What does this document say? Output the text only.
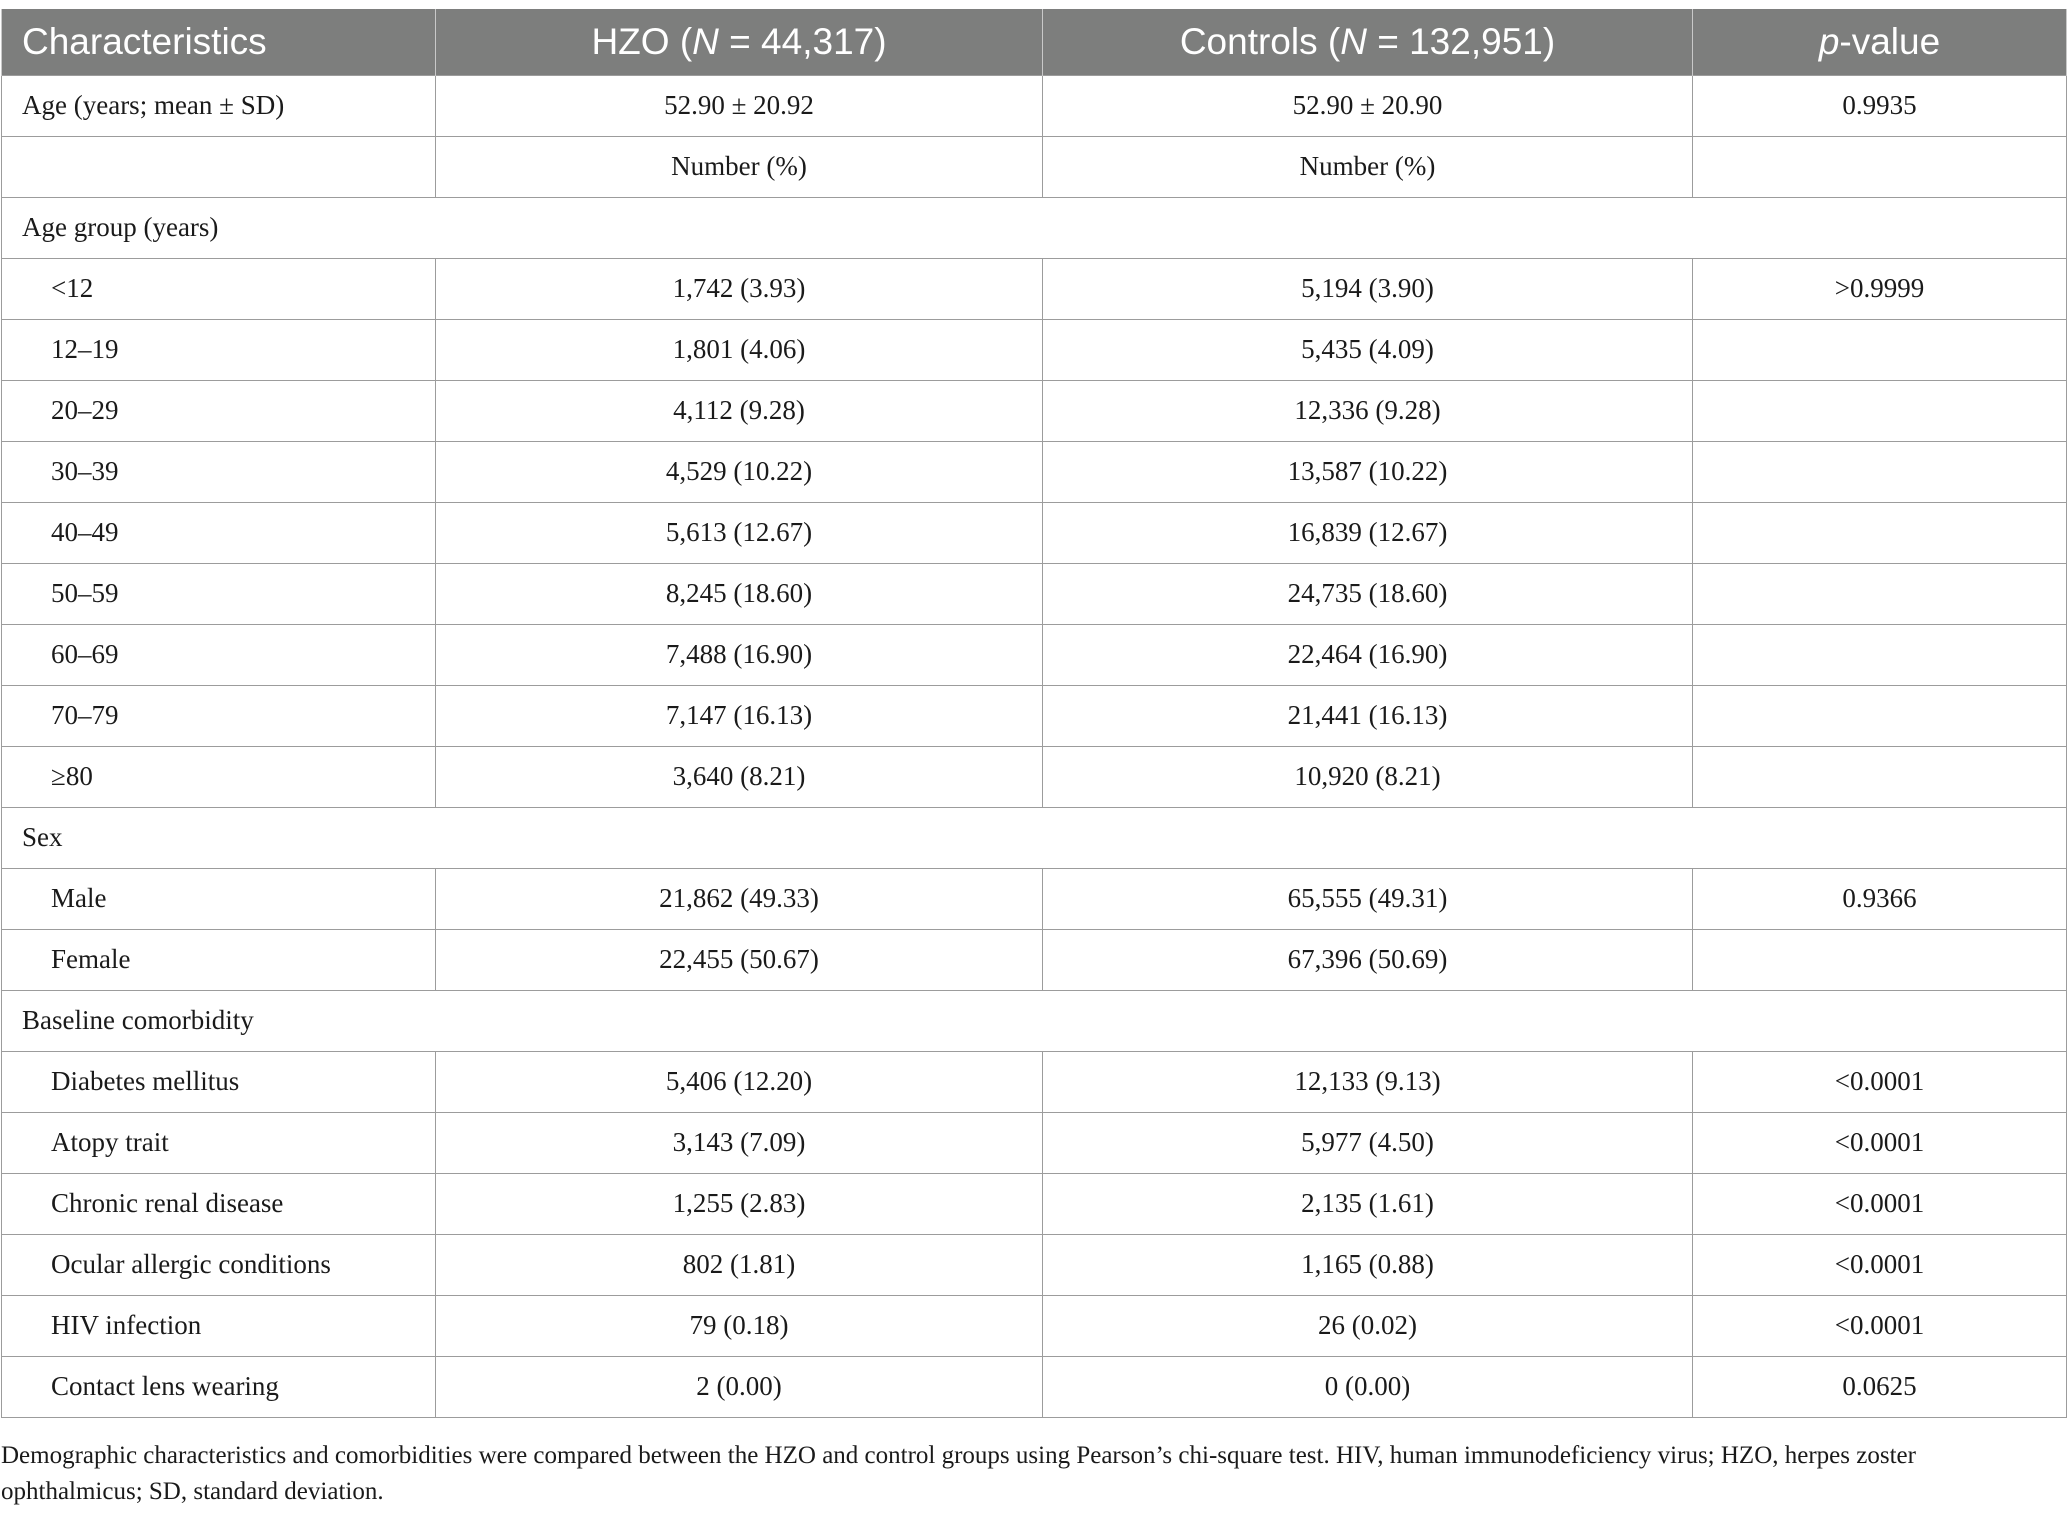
Characteristics	HZO (N = 44,317)	Controls (N = 132,951)	p-value
Age (years; mean ± SD)	52.90 ± 20.92	52.90 ± 20.90	0.9935
	Number (%)	Number (%)	
Age group (years)			
<12	1,742 (3.93)	5,194 (3.90)	>0.9999
12–19	1,801 (4.06)	5,435 (4.09)	
20–29	4,112 (9.28)	12,336 (9.28)	
30–39	4,529 (10.22)	13,587 (10.22)	
40–49	5,613 (12.67)	16,839 (12.67)	
50–59	8,245 (18.60)	24,735 (18.60)	
60–69	7,488 (16.90)	22,464 (16.90)	
70–79	7,147 (16.13)	21,441 (16.13)	
≥80	3,640 (8.21)	10,920 (8.21)	
Sex			
Male	21,862 (49.33)	65,555 (49.31)	0.9366
Female	22,455 (50.67)	67,396 (50.69)	
Baseline comorbidity			
Diabetes mellitus	5,406 (12.20)	12,133 (9.13)	<0.0001
Atopy trait	3,143 (7.09)	5,977 (4.50)	<0.0001
Chronic renal disease	1,255 (2.83)	2,135 (1.61)	<0.0001
Ocular allergic conditions	802 (1.81)	1,165 (0.88)	<0.0001
HIV infection	79 (0.18)	26 (0.02)	<0.0001
Contact lens wearing	2 (0.00)	0 (0.00)	0.0625
Demographic characteristics and comorbidities were compared between the HZO and control groups using Pearson’s chi-square test. HIV, human immunodeficiency virus; HZO, herpes zoster ophthalmicus; SD, standard deviation.
